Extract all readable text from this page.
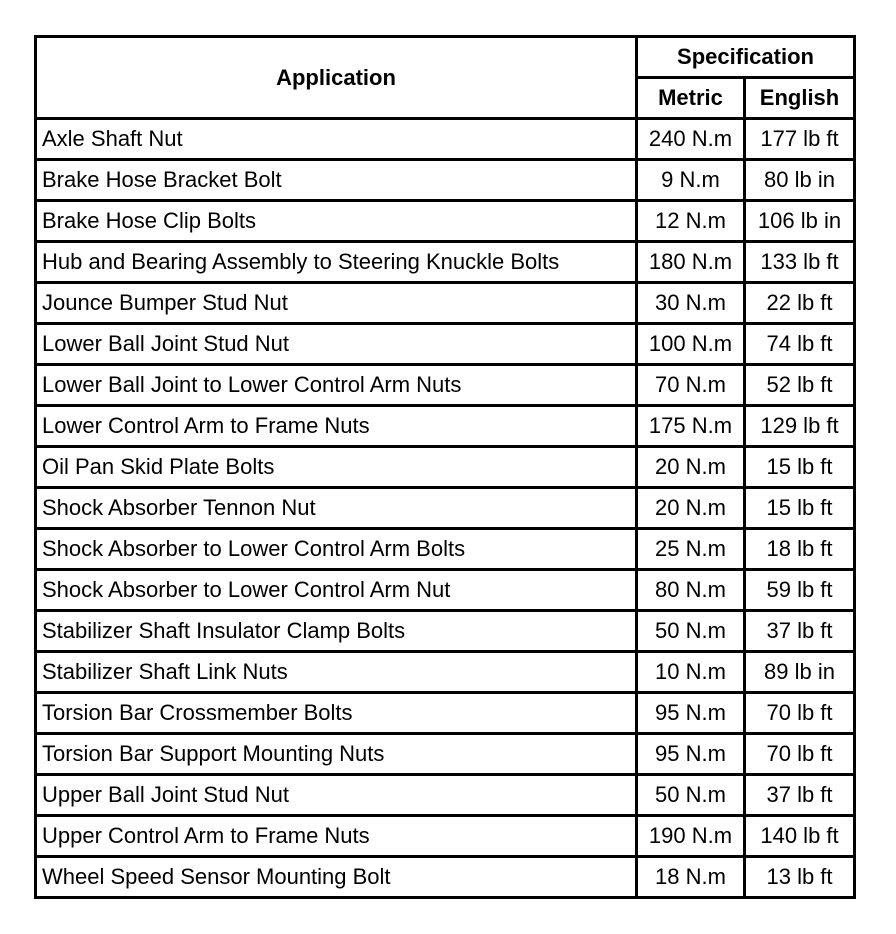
Application	Specification	
	Metric	English
Axle Shaft Nut	240 N.m	177 lb ft
Brake Hose Bracket Bolt	9 N.m	80 lb in
Brake Hose Clip Bolts	12 N.m	106 lb in
Hub and Bearing Assembly to Steering Knuckle Bolts	180 N.m	133 lb ft
Jounce Bumper Stud Nut	30 N.m	22 lb ft
Lower Ball Joint Stud Nut	100 N.m	74 lb ft
Lower Ball Joint to Lower Control Arm Nuts	70 N.m	52 lb ft
Lower Control Arm to Frame Nuts	175 N.m	129 lb ft
Oil Pan Skid Plate Bolts	20 N.m	15 lb ft
Shock Absorber Tennon Nut	20 N.m	15 lb ft
Shock Absorber to Lower Control Arm Bolts	25 N.m	18 lb ft
Shock Absorber to Lower Control Arm Nut	80 N.m	59 lb ft
Stabilizer Shaft Insulator Clamp Bolts	50 N.m	37 lb ft
Stabilizer Shaft Link Nuts	10 N.m	89 lb in
Torsion Bar Crossmember Bolts	95 N.m	70 lb ft
Torsion Bar Support Mounting Nuts	95 N.m	70 lb ft
Upper Ball Joint Stud Nut	50 N.m	37 lb ft
Upper Control Arm to Frame Nuts	190 N.m	140 lb ft
Wheel Speed Sensor Mounting Bolt	18 N.m	13 lb ft
